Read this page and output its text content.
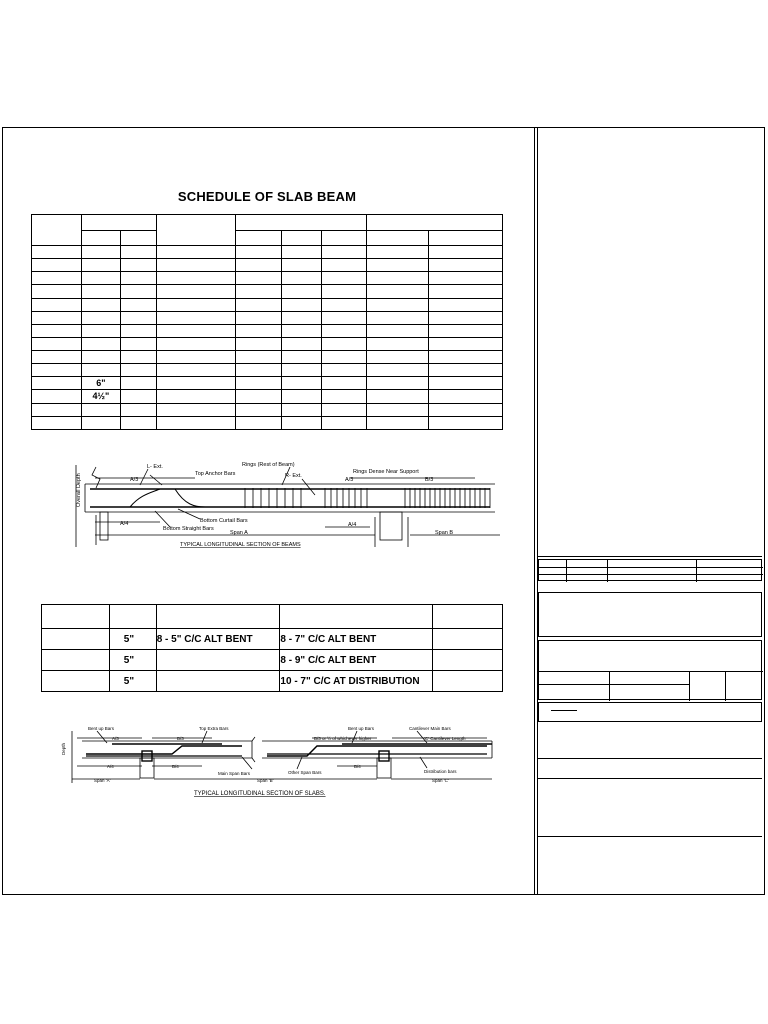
SCHEDULE OF SLAB BEAM

	6"							
	4½"							

Overall Depth
L- Ext.
Top Anchor Bars
Rings (Rest of Beam)
R- Ext.
Rings Dense Near Support
A/3	A/3	B/3
A/4	A/4
Bottom Curtail Bars
Bottom Straight Bars
Span A	Span B
TYPICAL LONGITUDINAL SECTION OF BEAMS

	5"	8 - 5" C/C ALT BENT	8 - 7" C/C ALT BENT	
	5"		8 - 9" C/C ALT BENT	
	5"		10 - 7" C/C AT DISTRIBUTION	
Depth
Bent up Bars	Top Extra Bars	Bent up Bars	Cantilever Main Bars
A/3	B/3	B/3 or ½ of whichever higher	'C' Cantilever Length
A/4	B/4	B/4
Main Span Bars	Other Span Bars	Distribution bars
Span 'A'	Span 'B'	Span 'C'
TYPICAL LONGITUDINAL SECTION OF SLABS.
